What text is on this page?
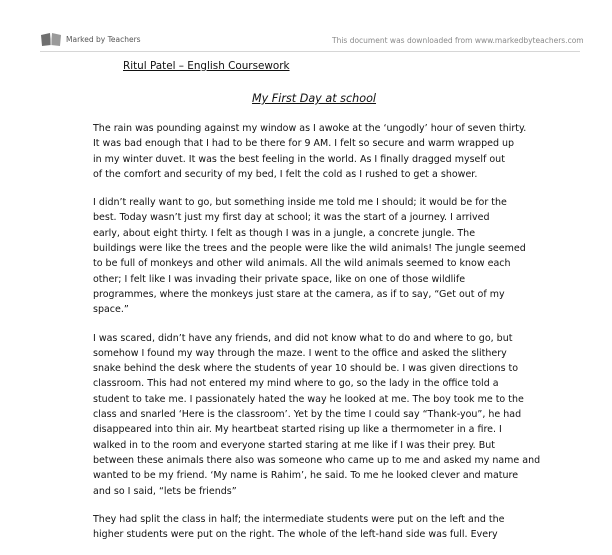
Marked by Teachers	This document was downloaded from www.markedbyteachers.com
Ritul Patel – English Coursework
My First Day at school
The rain was pounding against my window as I awoke at the ‘ungodly’ hour of seven thirty.
It was bad enough that I had to be there for 9 AM. I felt so secure and warm wrapped up
in my winter duvet. It was the best feeling in the world. As I finally dragged myself out
of the comfort and security of my bed, I felt the cold as I rushed to get a shower.
I didn’t really want to go, but something inside me told me I should; it would be for the
best. Today wasn’t just my first day at school; it was the start of a journey. I arrived
early, about eight thirty. I felt as though I was in a jungle, a concrete jungle. The
buildings were like the trees and the people were like the wild animals! The jungle seemed
to be full of monkeys and other wild animals. All the wild animals seemed to know each
other; I felt like I was invading their private space, like on one of those wildlife
programmes, where the monkeys just stare at the camera, as if to say, “Get out of my
space.”
I was scared, didn’t have any friends, and did not know what to do and where to go, but
somehow I found my way through the maze. I went to the office and asked the slithery
snake behind the desk where the students of year 10 should be. I was given directions to
classroom. This had not entered my mind where to go, so the lady in the office told a
student to take me. I passionately hated the way he looked at me. The boy took me to the
class and snarled ‘Here is the classroom’. Yet by the time I could say “Thank-you”, he had
disappeared into thin air. My heartbeat started rising up like a thermometer in a fire. I
walked in to the room and everyone started staring at me like if I was their prey. But
between these animals there also was someone who came up to me and asked my name and
wanted to be my friend. ‘My name is Rahim’, he said. To me he looked clever and mature
and so I said, “lets be friends”
They had split the class in half; the intermediate students were put on the left and the
higher students were put on the right. The whole of the left-hand side was full. Every
